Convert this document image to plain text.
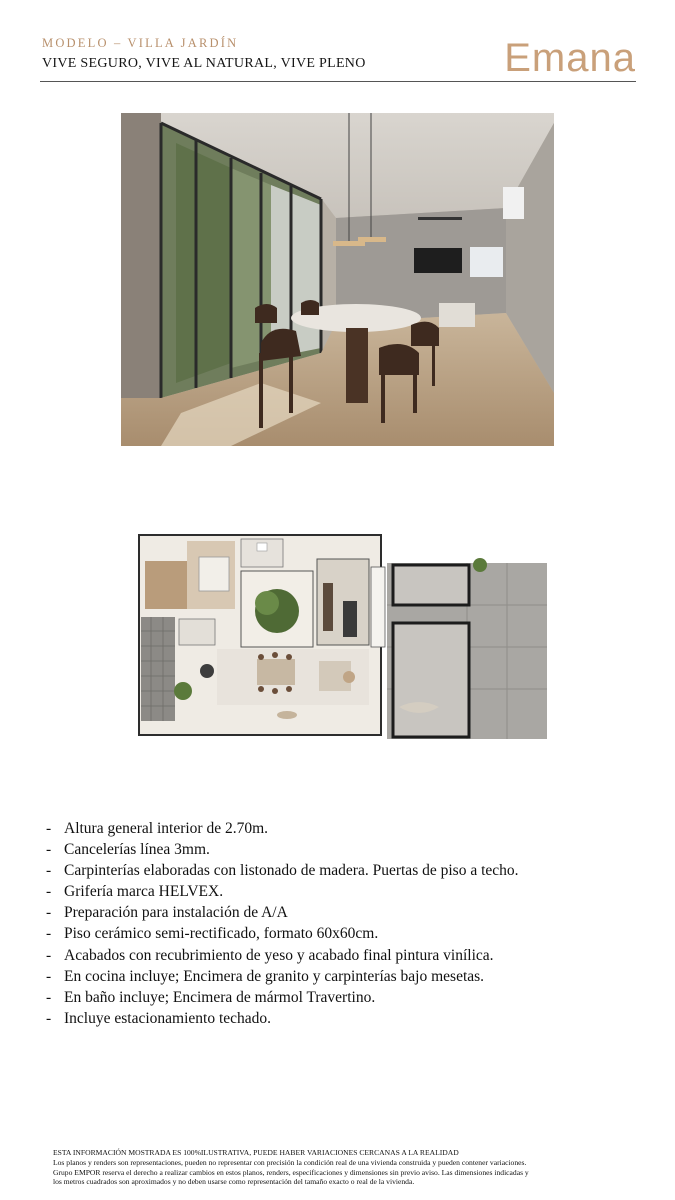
MODELO – VILLA JARDÍN
VIVE SEGURO, VIVE AL NATURAL, VIVE PLENO	Emana
- Altura general interior de 2.70m.
- Cancelerías línea 3mm.
- Carpinterías elaboradas con listonado de madera. Puertas de piso a techo.
- Grifería marca HELVEX.
- Preparación para instalación de A/A
- Piso cerámico semi-rectificado, formato 60x60cm.
- Acabados con recubrimiento de yeso y acabado final pintura vinílica.
- En cocina incluye; Encimera de granito y carpinterías bajo mesetas.
- En baño incluye; Encimera de mármol Travertino.
- Incluye estacionamiento techado.
ESTA INFORMACIÓN MOSTRADA ES 100%ILUSTRATIVA, PUEDE HABER VARIACIONES CERCANAS A LA REALIDAD
Los planos y renders son representaciones, pueden no representar con precisión la condición real de una vivienda construida y pueden contener variaciones.
Grupo EMPOR reserva el derecho a realizar cambios en estos planos, renders, especificaciones y dimensiones sin previo aviso. Las dimensiones indicadas y
los metros cuadrados son aproximados y no deben usarse como representación del tamaño exacto o real de la vivienda.
